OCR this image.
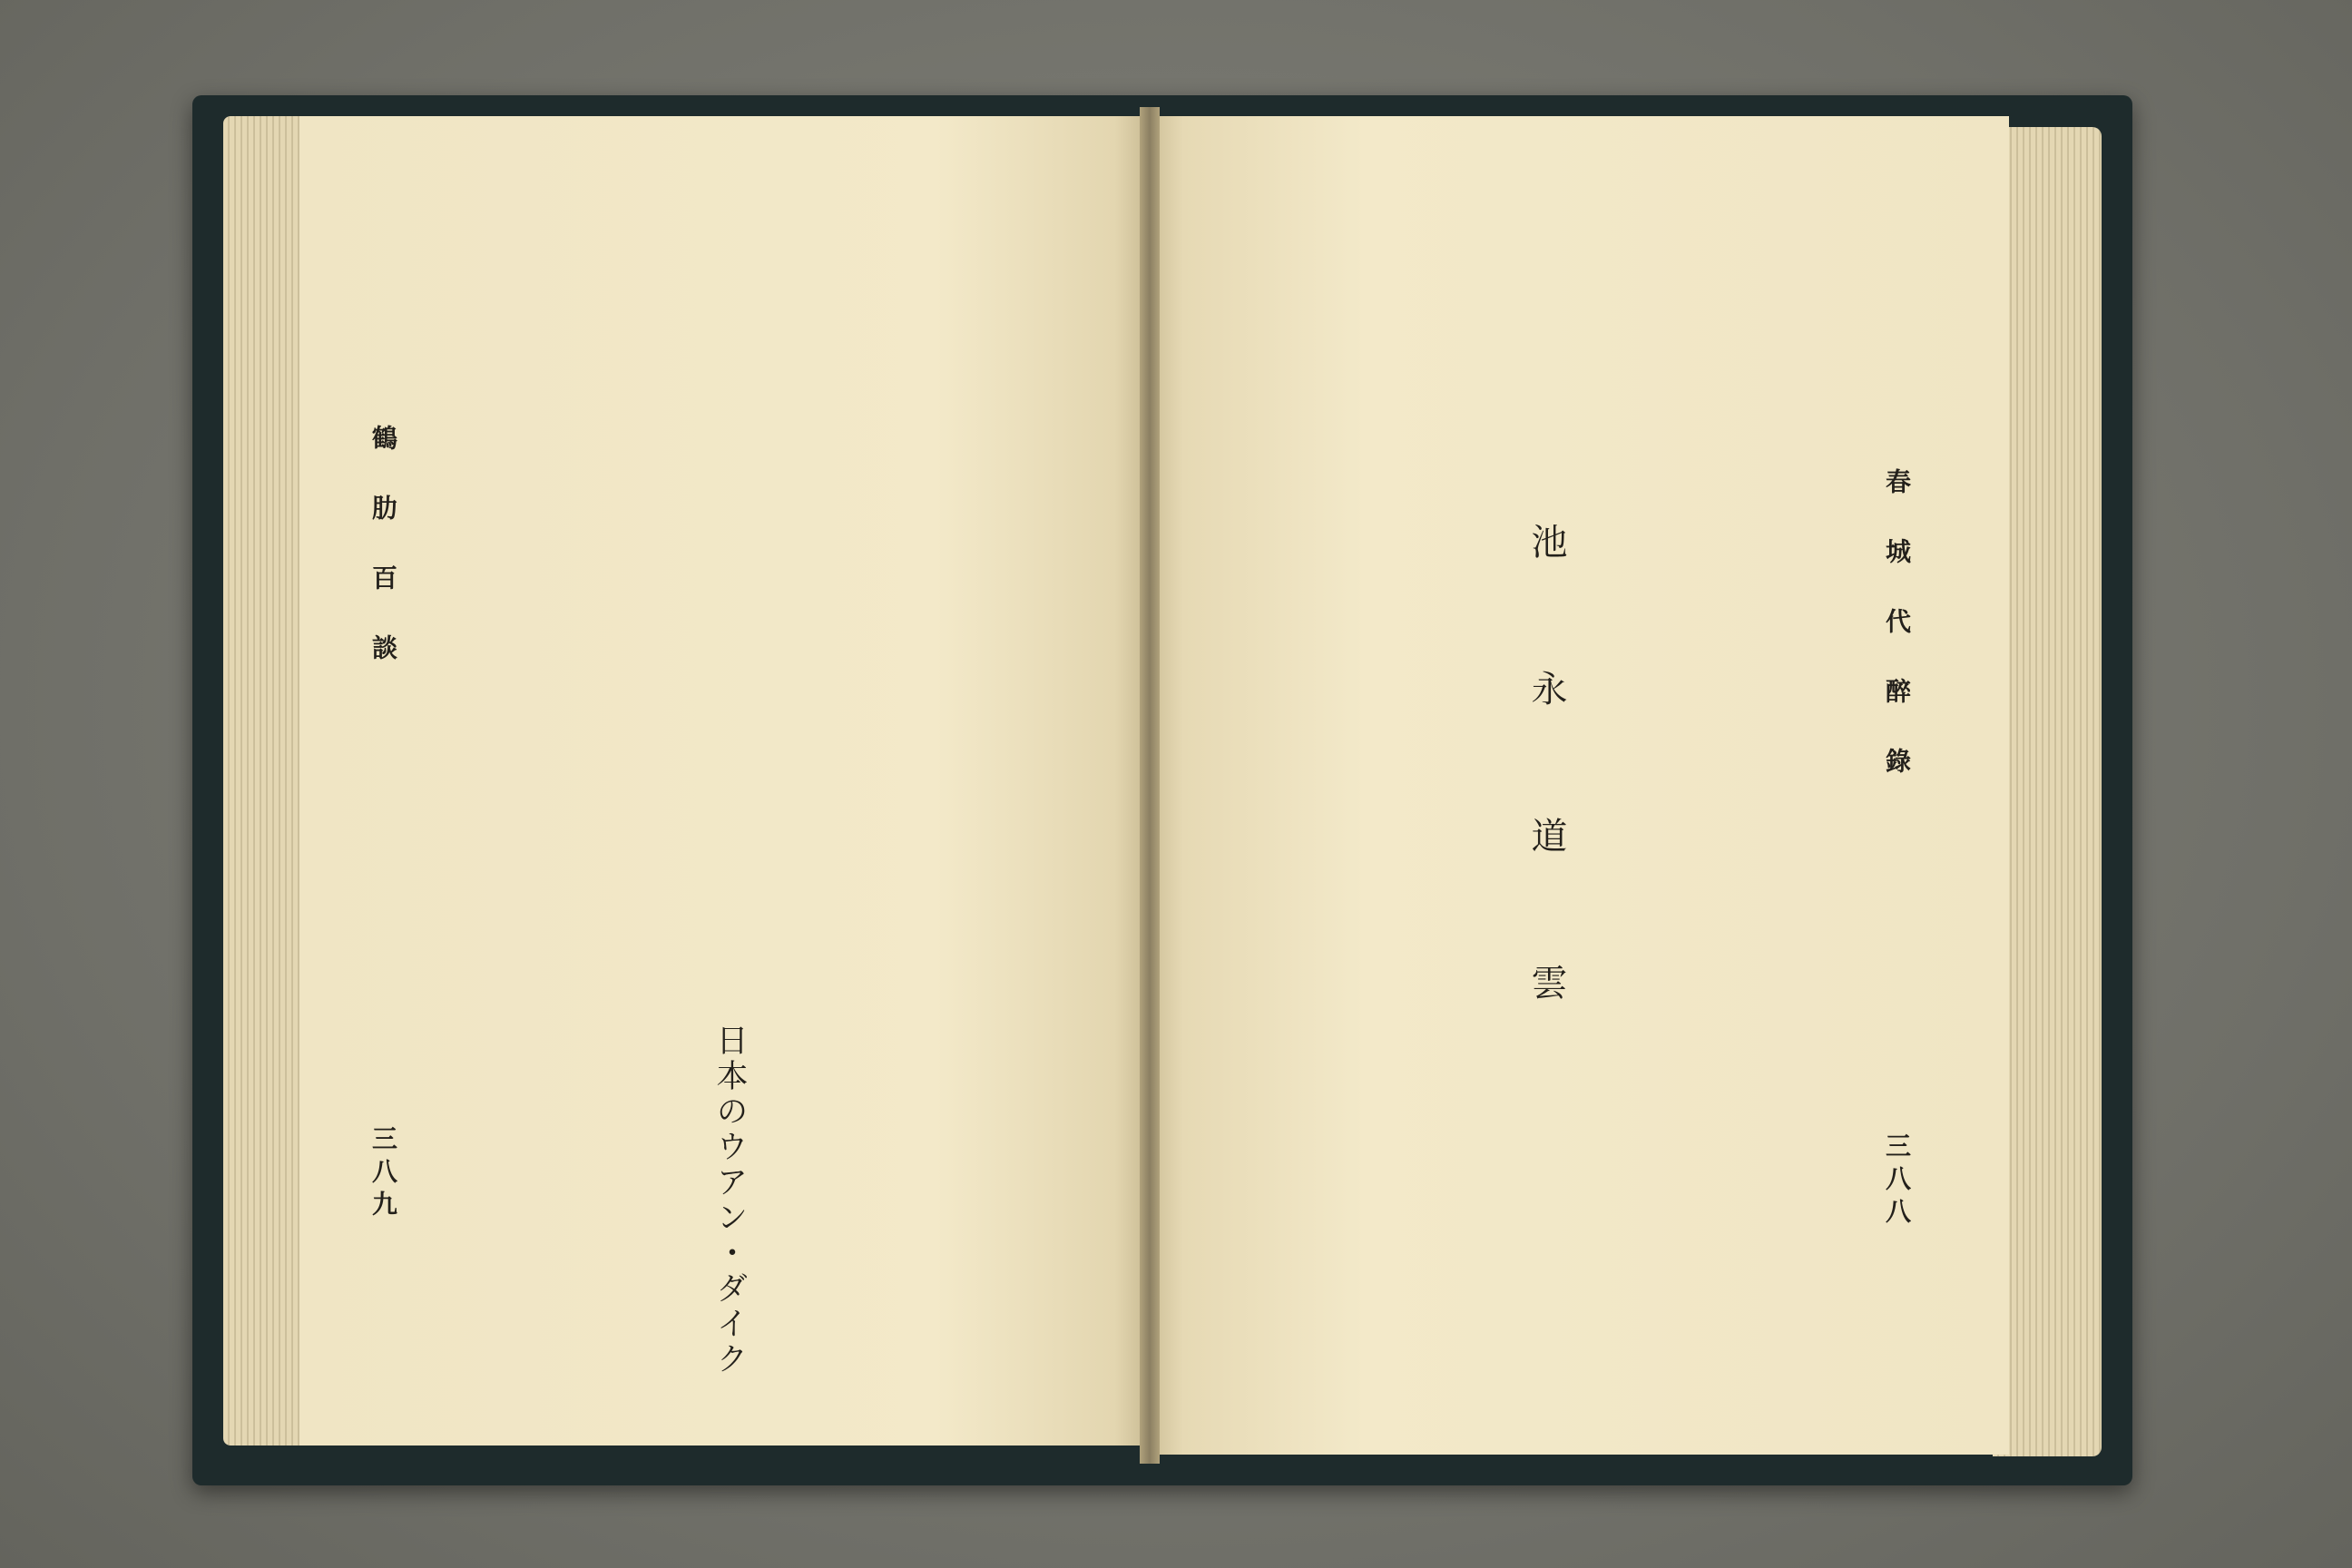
鶴 肋 百 談
三八九	日本のウアン・ダイク
春 城 代 醉 錄
三八八
池 永 道 雲
